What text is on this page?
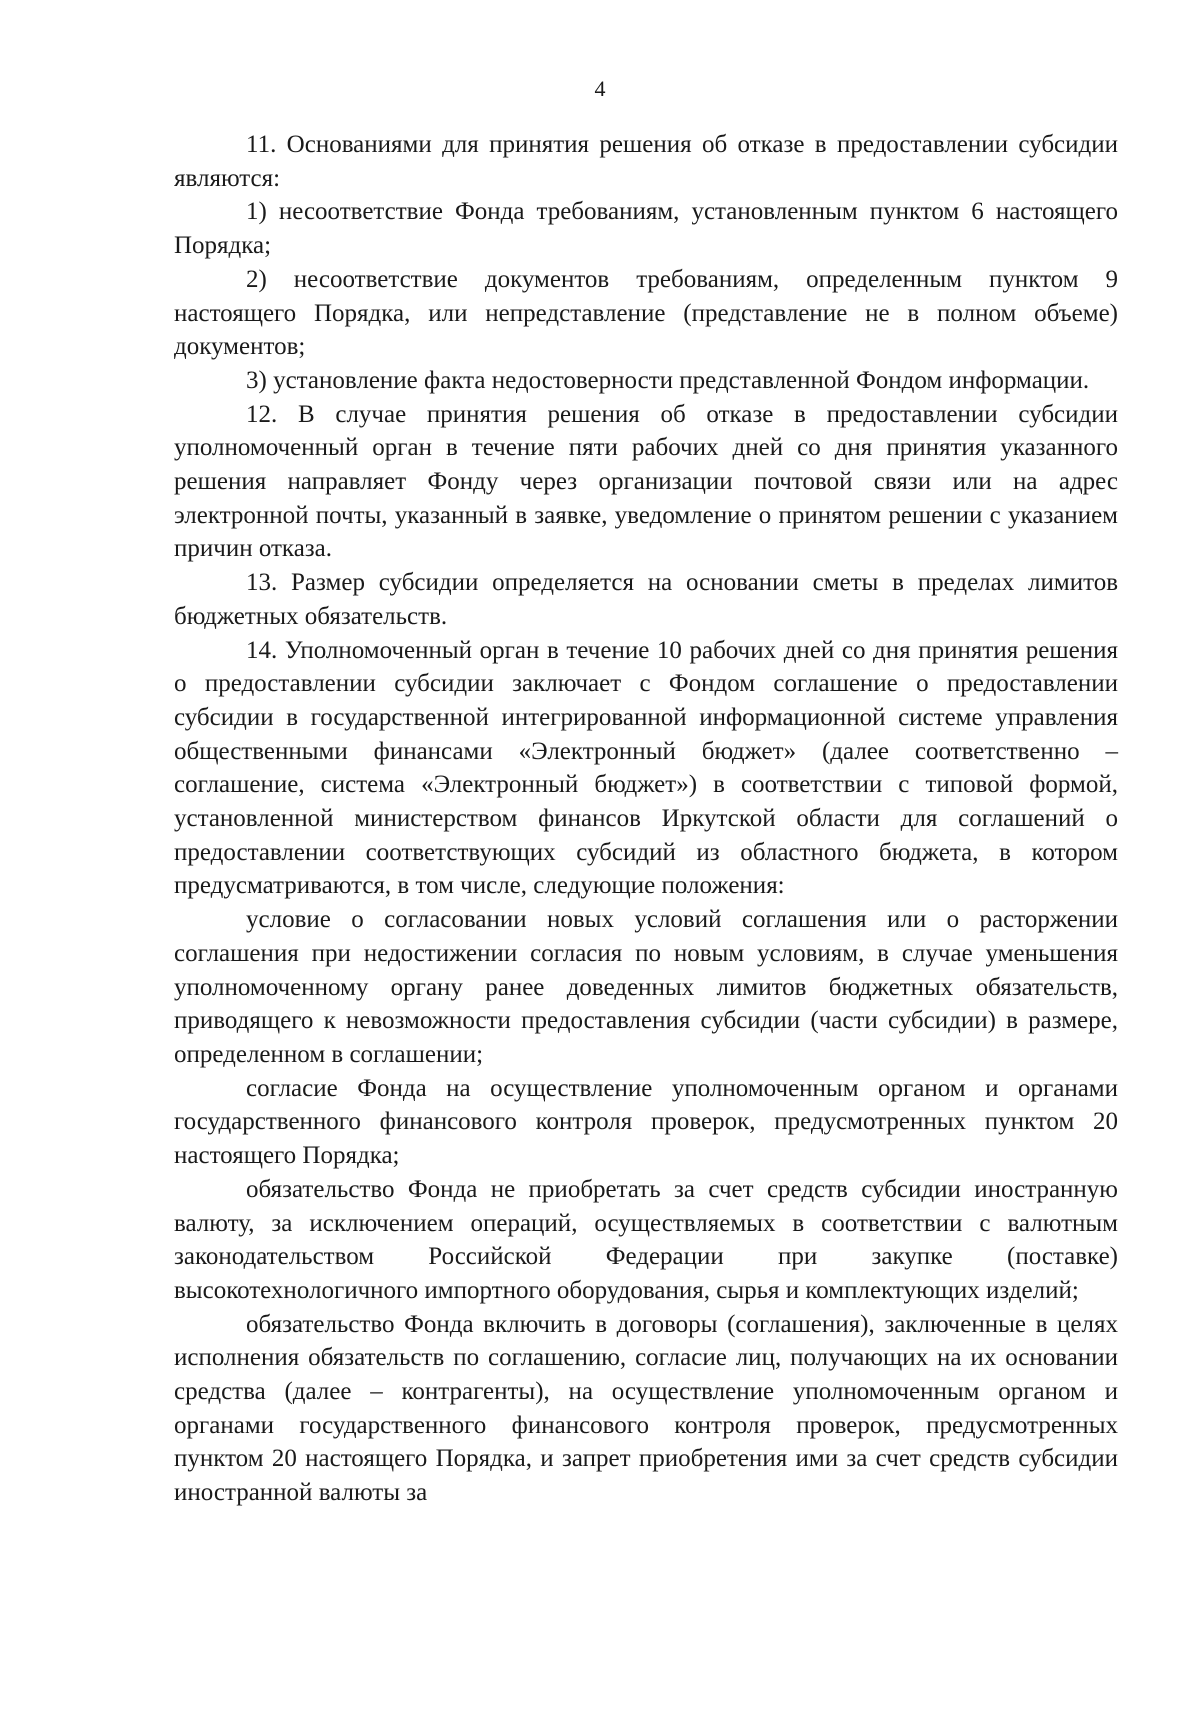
4

11. Основаниями для принятия решения об отказе в предоставлении субсидии являются:

1) несоответствие Фонда требованиям, установленным пунктом 6 настоящего Порядка;

2) несоответствие документов требованиям, определенным пунктом 9 настоящего Порядка, или непредставление (представление не в полном объеме) документов;

3) установление факта недостоверности представленной Фондом информации.

12. В случае принятия решения об отказе в предоставлении субсидии уполномоченный орган в течение пяти рабочих дней со дня принятия указанного решения направляет Фонду через организации почтовой связи или на адрес электронной почты, указанный в заявке, уведомление о принятом решении с указанием причин отказа.

13. Размер субсидии определяется на основании сметы в пределах лимитов бюджетных обязательств.

14. Уполномоченный орган в течение 10 рабочих дней со дня принятия решения о предоставлении субсидии заключает с Фондом соглашение о предоставлении субсидии в государственной интегрированной информационной системе управления общественными финансами «Электронный бюджет» (далее соответственно – соглашение, система «Электронный бюджет») в соответствии с типовой формой, установленной министерством финансов Иркутской области для соглашений о предоставлении соответствующих субсидий из областного бюджета, в котором предусматриваются, в том числе, следующие положения:

условие о согласовании новых условий соглашения или о расторжении соглашения при недостижении согласия по новым условиям, в случае уменьшения уполномоченному органу ранее доведенных лимитов бюджетных обязательств, приводящего к невозможности предоставления субсидии (части субсидии) в размере, определенном в соглашении;

согласие Фонда на осуществление уполномоченным органом и органами государственного финансового контроля проверок, предусмотренных пунктом 20 настоящего Порядка;

обязательство Фонда не приобретать за счет средств субсидии иностранную валюту, за исключением операций, осуществляемых в соответствии с валютным законодательством Российской Федерации при закупке (поставке) высокотехнологичного импортного оборудования, сырья и комплектующих изделий;

обязательство Фонда включить в договоры (соглашения), заключенные в целях исполнения обязательств по соглашению, согласие лиц, получающих на их основании средства (далее – контрагенты), на осуществление уполномоченным органом и органами государственного финансового контроля проверок, предусмотренных пунктом 20 настоящего Порядка, и запрет приобретения ими за счет средств субсидии иностранной валюты за
